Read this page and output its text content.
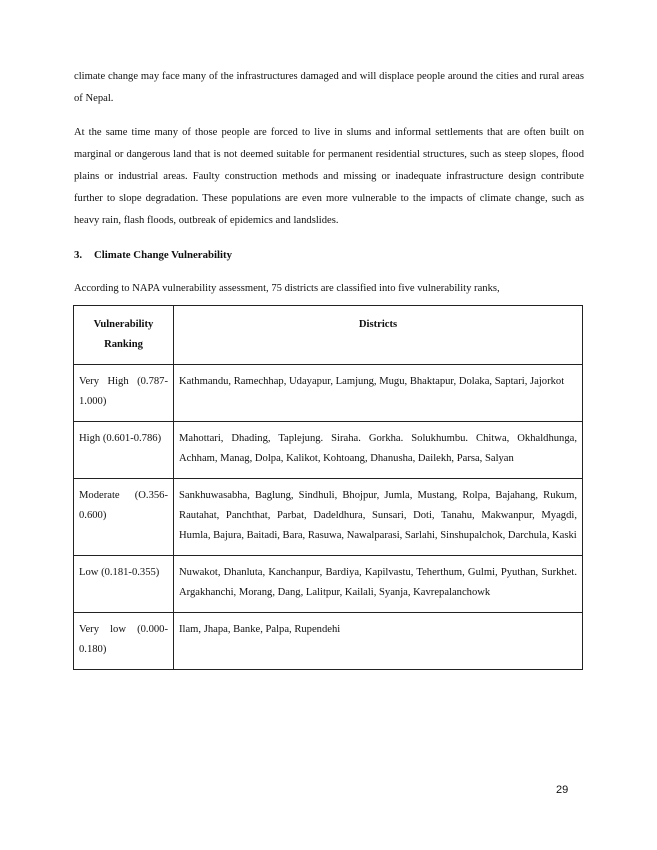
climate change may face many of the infrastructures damaged and will displace people around the cities and rural areas of Nepal.

At the same time many of those people are forced to live in slums and informal settlements that are often built on marginal or dangerous land that is not deemed suitable for permanent residential structures, such as steep slopes, flood plains or industrial areas. Faulty construction methods and missing or inadequate infrastructure design contribute further to slope degradation. These populations are even more vulnerable to the impacts of climate change, such as heavy rain, flash floods, outbreak of epidemics and landslides.

3. Climate Change Vulnerability

According to NAPA vulnerability assessment, 75 districts are classified into five vulnerability ranks,

Vulnerability Ranking	Districts
Very High (0.787-1.000)	Kathmandu, Ramechhap, Udayapur, Lamjung, Mugu, Bhaktapur, Dolaka, Saptari, Jajorkot
High (0.601-0.786)	Mahottari, Dhading, Taplejung. Siraha. Gorkha. Solukhumbu. Chitwa, Okhaldhunga, Achham, Manag, Dolpa, Kalikot, Kohtoang, Dhanusha, Dailekh, Parsa, Salyan
Moderate (O.356-0.600)	Sankhuwasabha, Baglung, Sindhuli, Bhojpur, Jumla, Mustang, Rolpa, Bajahang, Rukum, Rautahat, Panchthat, Parbat, Dadeldhura, Sunsari, Doti, Tanahu, Makwanpur, Myagdi, Humla, Bajura, Baitadi, Bara, Rasuwa, Nawalparasi, Sarlahi, Sinshupalchok, Darchula, Kaski
Low (0.181-0.355)	Nuwakot, Dhanluta, Kanchanpur, Bardiya, Kapilvastu, Teherthum, Gulmi, Pyuthan, Surkhet. Argakhanchi, Morang, Dang, Lalitpur, Kailali, Syanja, Kavrepalanchowk
Very low (0.000-0.180)	Ilam, Jhapa, Banke, Palpa, Rupendehi
29
